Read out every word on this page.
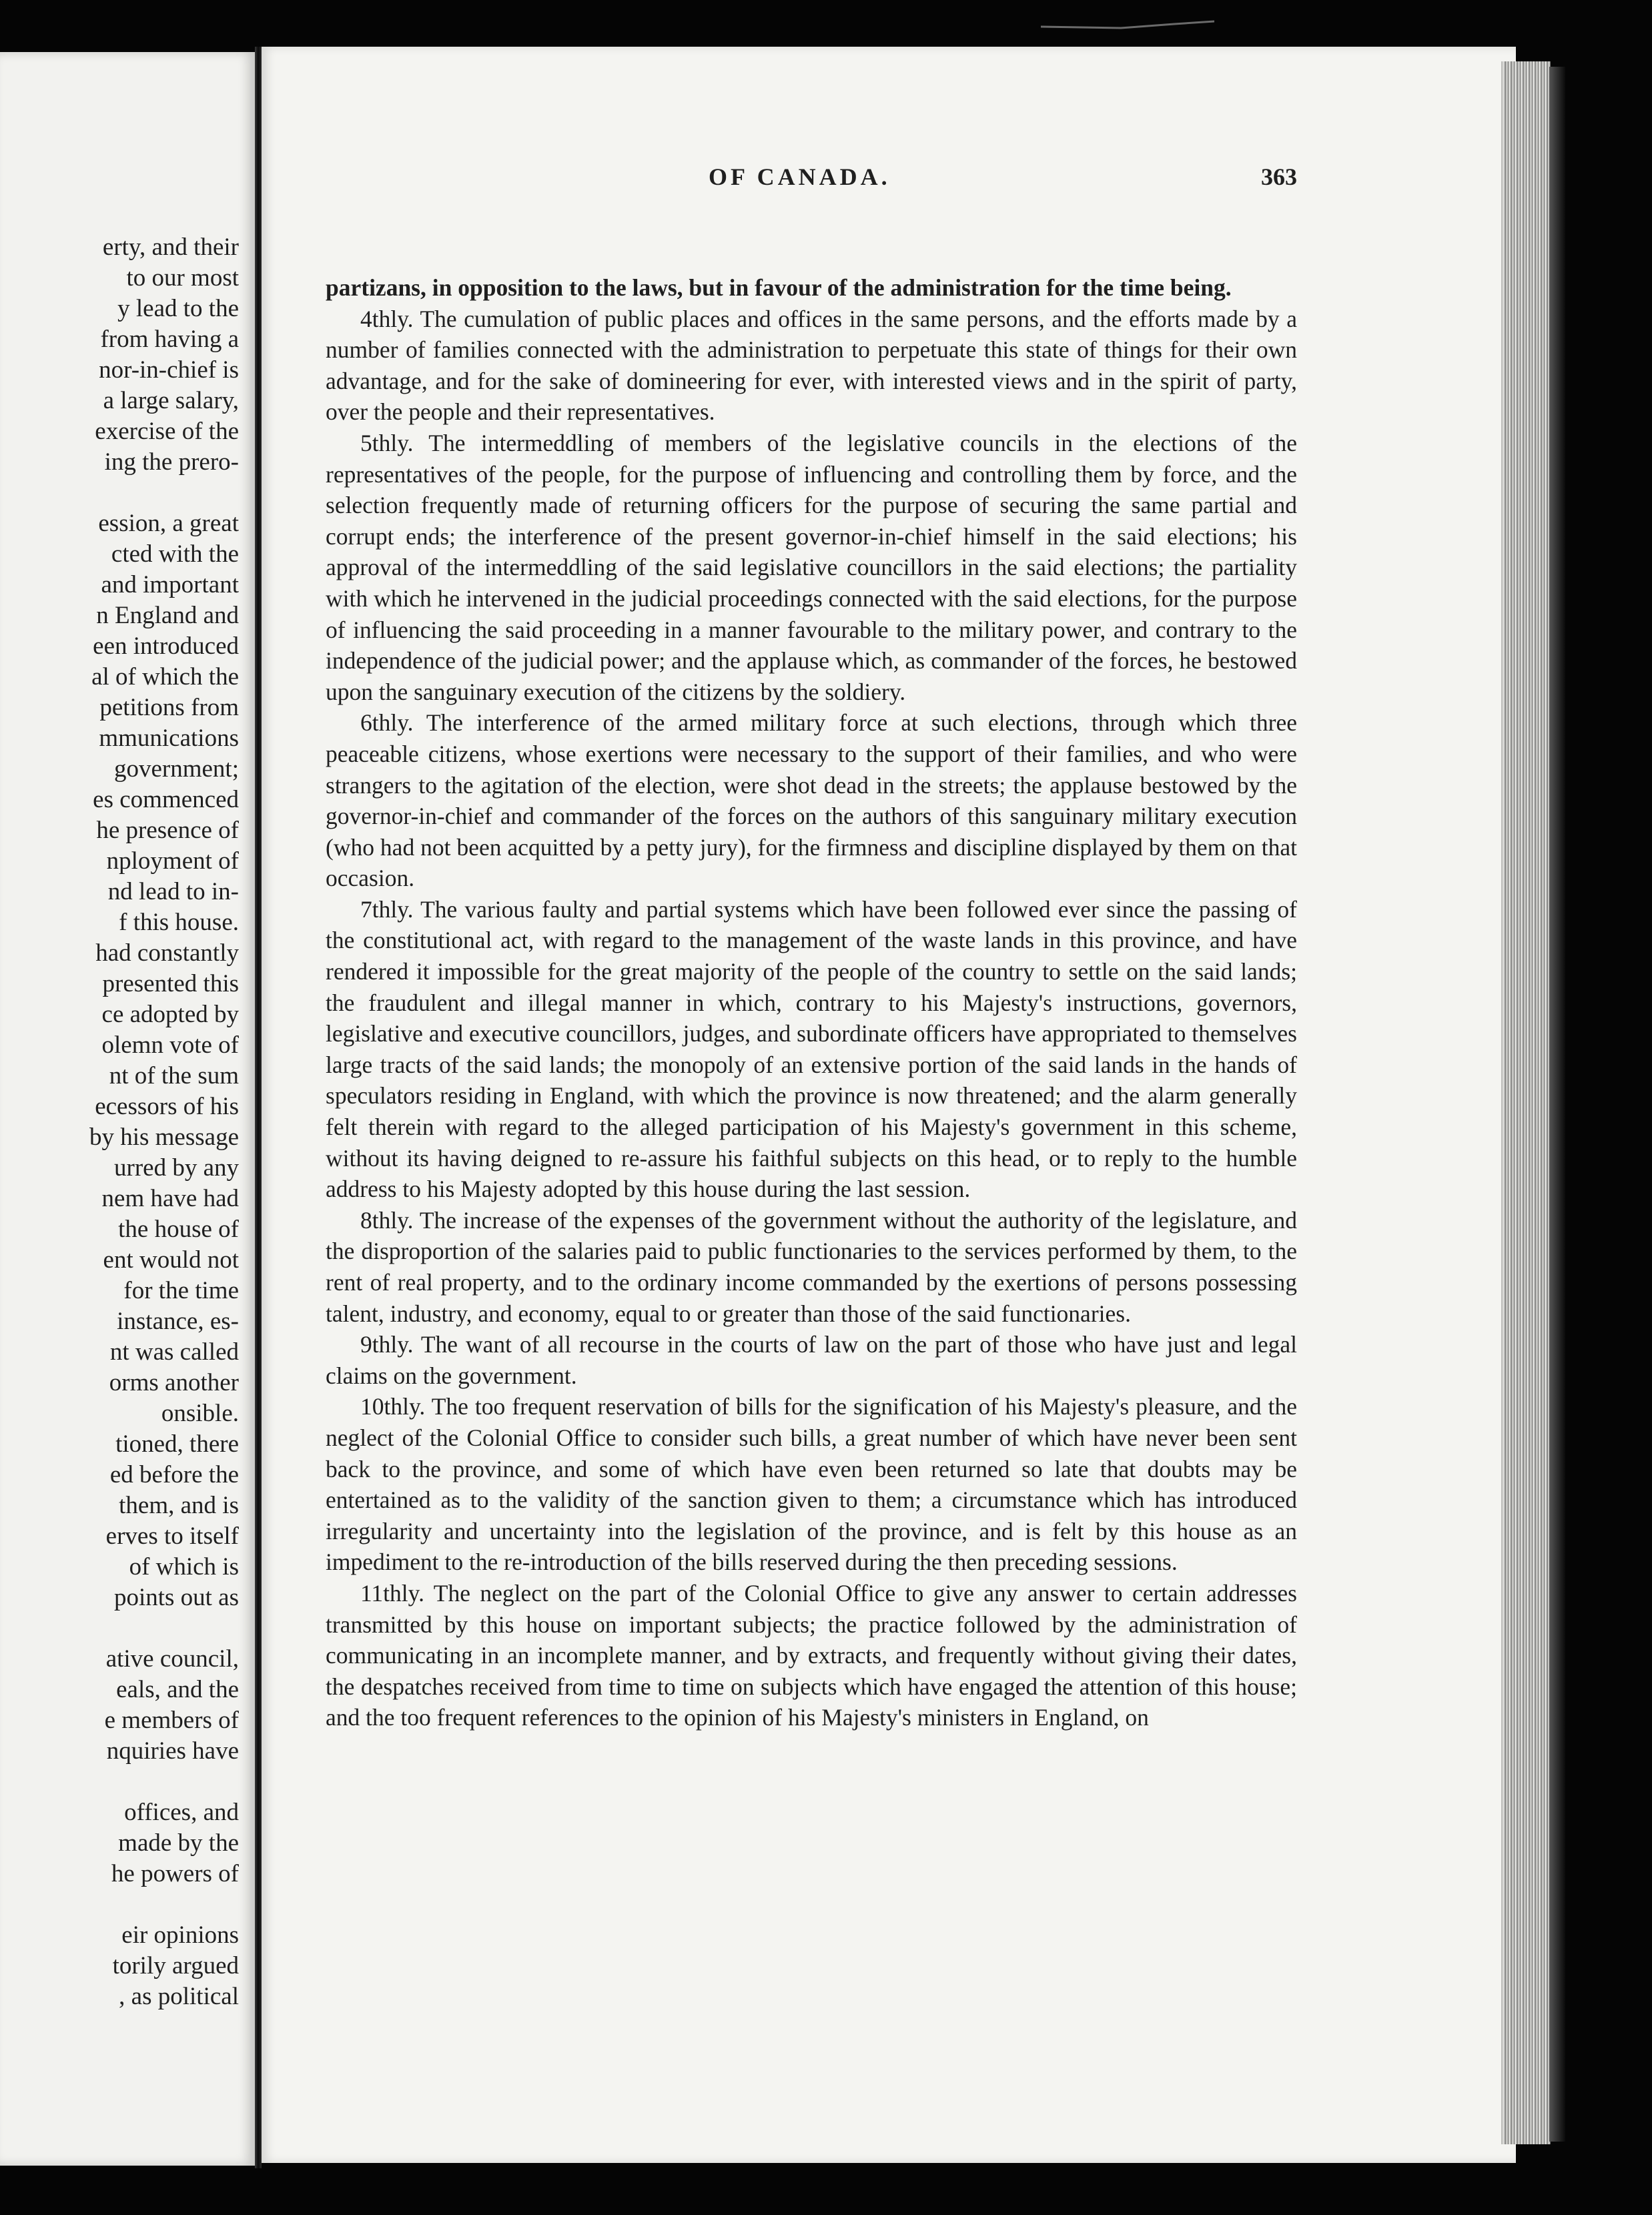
erty, and their
to our most
y lead to the
from having a
nor-in-chief is
a large salary,
exercise of the
ing the prero-
ession, a great
cted with the
and important
n England and
een introduced
al of which the
petitions from
mmunications
government;
es commenced
he presence of
nployment of
nd lead to in-
f this house.
had constantly
presented this
ce adopted by
olemn vote of
nt of the sum
ecessors of his
by his message
urred by any
nem have had
the house of
ent would not
for the time
instance, es-
nt was called
orms another
onsible.
tioned, there
ed before the
them, and is
erves to itself
of which is
points out as
ative council,
eals, and the
e members of
nquiries have
offices, and
made by the
he powers of
eir opinions
torily argued
, as political
OF CANADA.	363

partizans, in opposition to the laws, but in favour of the administration for the time being.

4thly. The cumulation of public places and offices in the same persons, and the efforts made by a number of families connected with the administration to perpetuate this state of things for their own advantage, and for the sake of domineering for ever, with interested views and in the spirit of party, over the people and their representatives.

5thly. The intermeddling of members of the legislative councils in the elections of the representatives of the people, for the purpose of influencing and controlling them by force, and the selection frequently made of returning officers for the purpose of securing the same partial and corrupt ends; the interference of the present governor-in-chief himself in the said elections; his approval of the intermeddling of the said legislative councillors in the said elections; the partiality with which he intervened in the judicial proceedings connected with the said elections, for the purpose of influencing the said proceeding in a manner favourable to the military power, and contrary to the independence of the judicial power; and the applause which, as commander of the forces, he bestowed upon the sanguinary execution of the citizens by the soldiery.

6thly. The interference of the armed military force at such elections, through which three peaceable citizens, whose exertions were necessary to the support of their families, and who were strangers to the agitation of the election, were shot dead in the streets; the applause bestowed by the governor-in-chief and commander of the forces on the authors of this sanguinary military execution (who had not been acquitted by a petty jury), for the firmness and discipline displayed by them on that occasion.

7thly. The various faulty and partial systems which have been followed ever since the passing of the constitutional act, with regard to the management of the waste lands in this province, and have rendered it impossible for the great majority of the people of the country to settle on the said lands; the fraudulent and illegal manner in which, contrary to his Majesty's instructions, governors, legislative and executive councillors, judges, and subordinate officers have appropriated to themselves large tracts of the said lands; the monopoly of an extensive portion of the said lands in the hands of speculators residing in England, with which the province is now threatened; and the alarm generally felt therein with regard to the alleged participation of his Majesty's government in this scheme, without its having deigned to re-assure his faithful subjects on this head, or to reply to the humble address to his Majesty adopted by this house during the last session.

8thly. The increase of the expenses of the government without the authority of the legislature, and the disproportion of the salaries paid to public functionaries to the services performed by them, to the rent of real property, and to the ordinary income commanded by the exertions of persons possessing talent, industry, and economy, equal to or greater than those of the said functionaries.

9thly. The want of all recourse in the courts of law on the part of those who have just and legal claims on the government.

10thly. The too frequent reservation of bills for the signification of his Majesty's pleasure, and the neglect of the Colonial Office to consider such bills, a great number of which have never been sent back to the province, and some of which have even been returned so late that doubts may be entertained as to the validity of the sanction given to them; a circumstance which has introduced irregularity and uncertainty into the legislation of the province, and is felt by this house as an impediment to the re-introduction of the bills reserved during the then preceding sessions.

11thly. The neglect on the part of the Colonial Office to give any answer to certain addresses transmitted by this house on important subjects; the practice followed by the administration of communicating in an incomplete manner, and by extracts, and frequently without giving their dates, the despatches received from time to time on subjects which have engaged the attention of this house; and the too frequent references to the opinion of his Majesty's ministers in England, on
